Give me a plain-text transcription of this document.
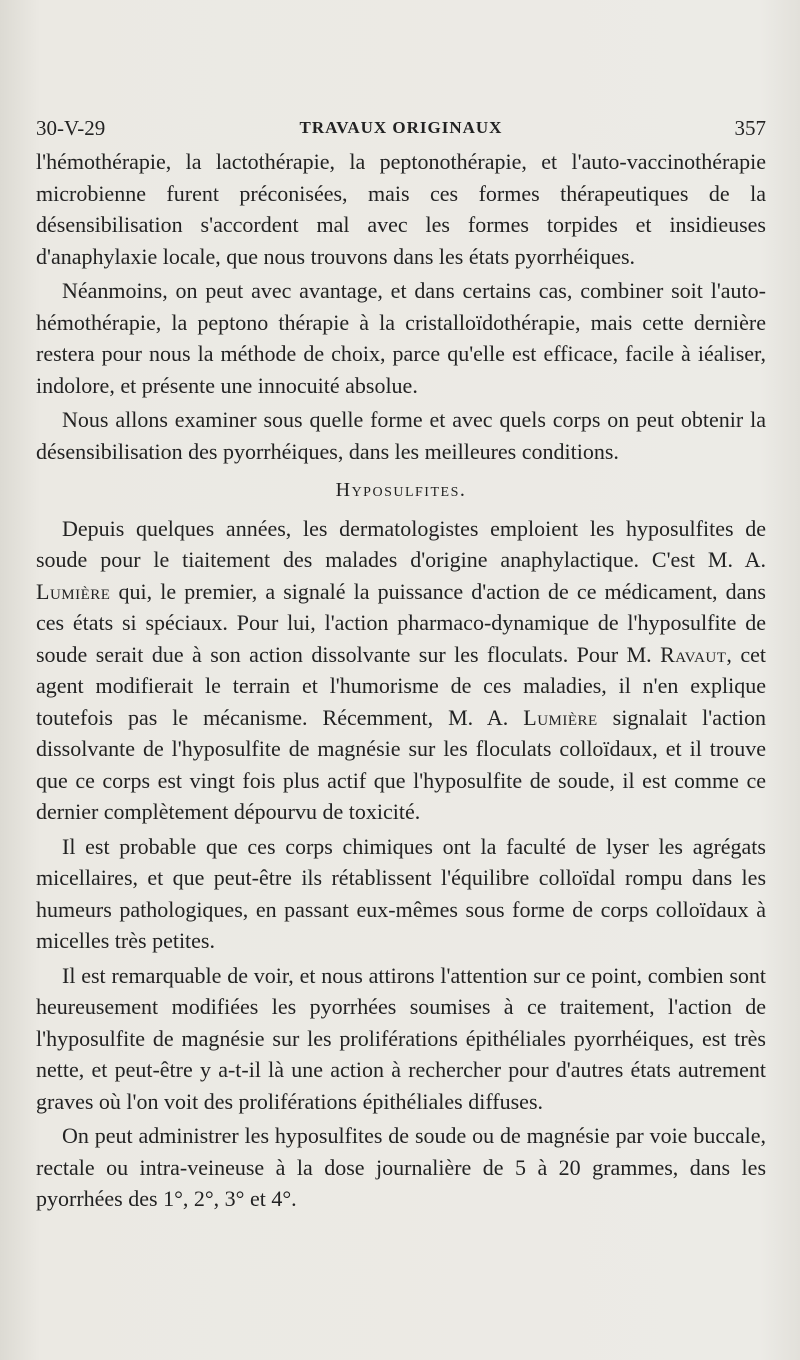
30-V-29	TRAVAUX ORIGINAUX	357

l'hémothérapie, la lactothérapie, la peptonothérapie, et l'auto-vaccinothérapie microbienne furent préconisées, mais ces formes thérapeutiques de la désensibilisation s'accordent mal avec les formes torpides et insidieuses d'anaphylaxie locale, que nous trouvons dans les états pyorrhéiques.

Néanmoins, on peut avec avantage, et dans certains cas, combiner soit l'auto-hémothérapie, la peptono thérapie à la cristalloïdothérapie, mais cette dernière restera pour nous la méthode de choix, parce qu'elle est efficace, facile à iéaliser, indolore, et présente une innocuité absolue.

Nous allons examiner sous quelle forme et avec quels corps on peut obtenir la désensibilisation des pyorrhéiques, dans les meilleures conditions.

Hyposulfites.

Depuis quelques années, les dermatologistes emploient les hyposulfites de soude pour le tiaitement des malades d'origine anaphylactique. C'est M. A. Lumière qui, le premier, a signalé la puissance d'action de ce médicament, dans ces états si spéciaux. Pour lui, l'action pharmaco-dynamique de l'hyposulfite de soude serait due à son action dissolvante sur les floculats. Pour M. Ravaut, cet agent modifierait le terrain et l'humorisme de ces maladies, il n'en explique toutefois pas le mécanisme. Récemment, M. A. Lumière signalait l'action dissolvante de l'hyposulfite de magnésie sur les floculats colloïdaux, et il trouve que ce corps est vingt fois plus actif que l'hyposulfite de soude, il est comme ce dernier complètement dépourvu de toxicité.

Il est probable que ces corps chimiques ont la faculté de lyser les agrégats micellaires, et que peut-être ils rétablissent l'équilibre colloïdal rompu dans les humeurs pathologiques, en passant eux-mêmes sous forme de corps colloïdaux à micelles très petites.

Il est remarquable de voir, et nous attirons l'attention sur ce point, combien sont heureusement modifiées les pyorrhées soumises à ce traitement, l'action de l'hyposulfite de magnésie sur les proliférations épithéliales pyorrhéiques, est très nette, et peut-être y a-t-il là une action à rechercher pour d'autres états autrement graves où l'on voit des proliférations épithéliales diffuses.

On peut administrer les hyposulfites de soude ou de magnésie par voie buccale, rectale ou intra-veineuse à la dose journalière de 5 à 20 grammes, dans les pyorrhées des 1°, 2°, 3° et 4°.
